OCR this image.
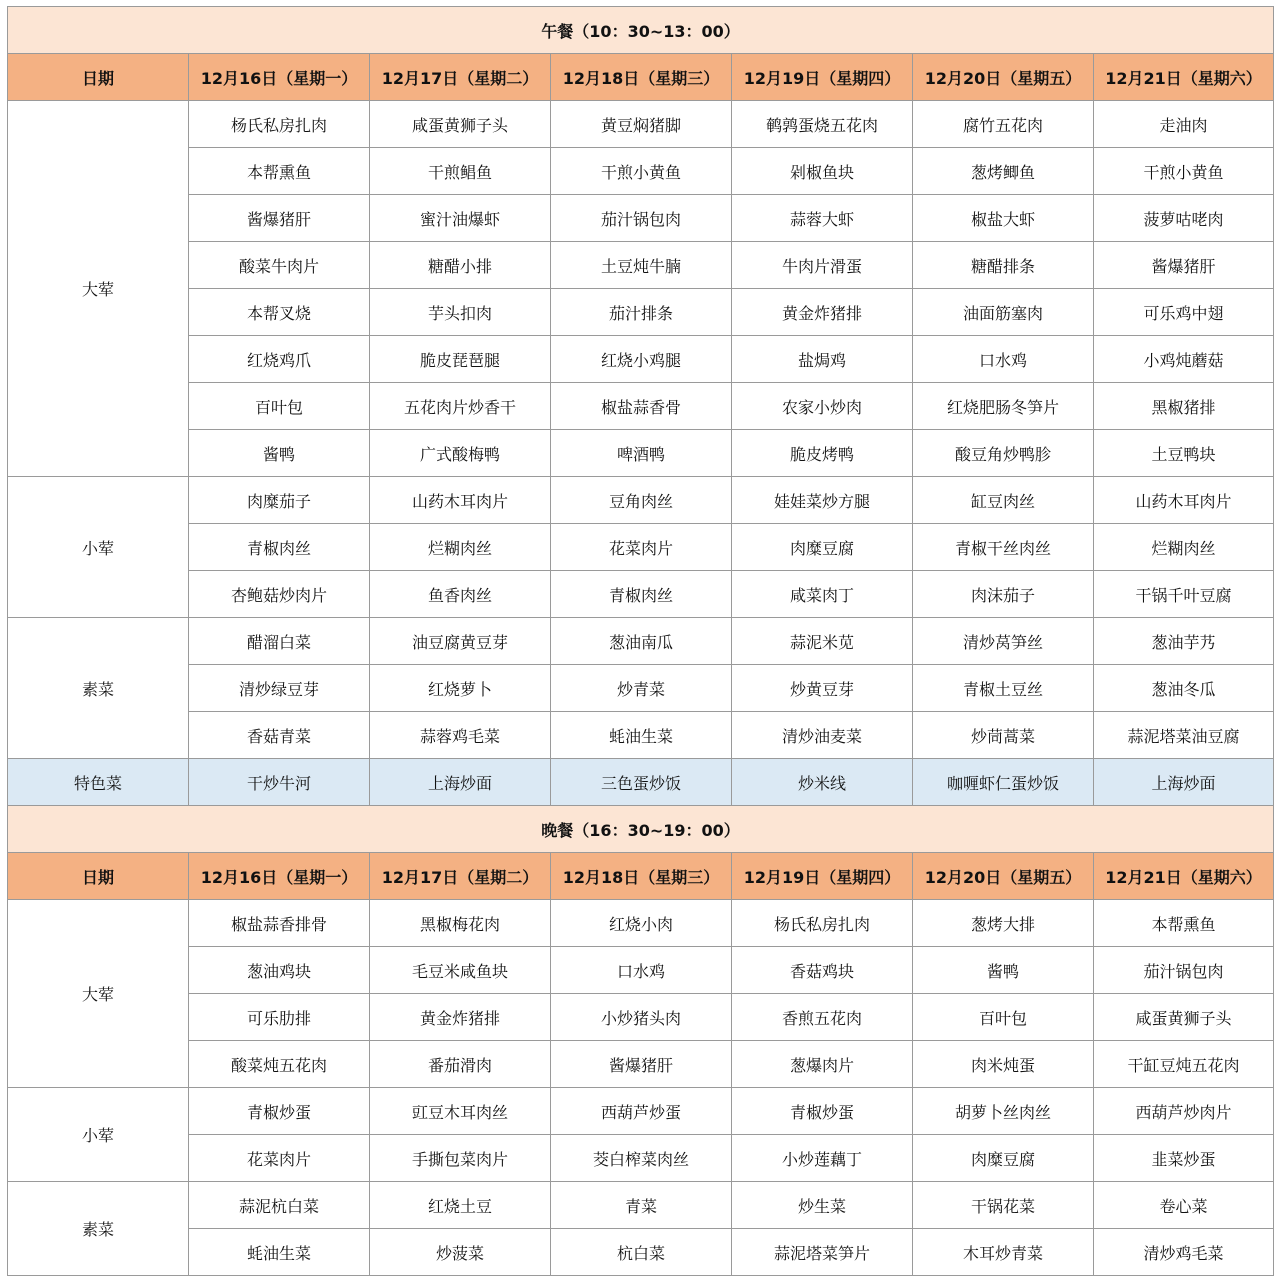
午餐（10：30~13：00）						
日期	12月16日（星期一）	12月17日（星期二）	12月18日（星期三）	12月19日（星期四）	12月20日（星期五）	12月21日（星期六）
大荤	杨氏私房扎肉	咸蛋黄狮子头	黄豆焖猪脚	鹌鹑蛋烧五花肉	腐竹五花肉	走油肉
	本帮熏鱼	干煎鲳鱼	干煎小黄鱼	剁椒鱼块	葱烤鲫鱼	干煎小黄鱼
	酱爆猪肝	蜜汁油爆虾	茄汁锅包肉	蒜蓉大虾	椒盐大虾	菠萝咕咾肉
	酸菜牛肉片	糖醋小排	土豆炖牛腩	牛肉片滑蛋	糖醋排条	酱爆猪肝
	本帮叉烧	芋头扣肉	茄汁排条	黄金炸猪排	油面筋塞肉	可乐鸡中翅
	红烧鸡爪	脆皮琵琶腿	红烧小鸡腿	盐焗鸡	口水鸡	小鸡炖蘑菇
	百叶包	五花肉片炒香干	椒盐蒜香骨	农家小炒肉	红烧肥肠冬笋片	黑椒猪排
	酱鸭	广式酸梅鸭	啤酒鸭	脆皮烤鸭	酸豆角炒鸭胗	土豆鸭块
小荤	肉糜茄子	山药木耳肉片	豆角肉丝	娃娃菜炒方腿	缸豆肉丝	山药木耳肉片
	青椒肉丝	烂糊肉丝	花菜肉片	肉糜豆腐	青椒干丝肉丝	烂糊肉丝
	杏鲍菇炒肉片	鱼香肉丝	青椒肉丝	咸菜肉丁	肉沫茄子	干锅千叶豆腐
素菜	醋溜白菜	油豆腐黄豆芽	葱油南瓜	蒜泥米苋	清炒莴笋丝	葱油芋艿
	清炒绿豆芽	红烧萝卜	炒青菜	炒黄豆芽	青椒土豆丝	葱油冬瓜
	香菇青菜	蒜蓉鸡毛菜	蚝油生菜	清炒油麦菜	炒茼蒿菜	蒜泥塔菜油豆腐
特色菜	干炒牛河	上海炒面	三色蛋炒饭	炒米线	咖喱虾仁蛋炒饭	上海炒面
晚餐（16：30~19：00）						
日期	12月16日（星期一）	12月17日（星期二）	12月18日（星期三）	12月19日（星期四）	12月20日（星期五）	12月21日（星期六）
大荤	椒盐蒜香排骨	黑椒梅花肉	红烧小肉	杨氏私房扎肉	葱烤大排	本帮熏鱼
	葱油鸡块	毛豆米咸鱼块	口水鸡	香菇鸡块	酱鸭	茄汁锅包肉
	可乐肋排	黄金炸猪排	小炒猪头肉	香煎五花肉	百叶包	咸蛋黄狮子头
	酸菜炖五花肉	番茄滑肉	酱爆猪肝	葱爆肉片	肉米炖蛋	干缸豆炖五花肉
小荤	青椒炒蛋	豇豆木耳肉丝	西葫芦炒蛋	青椒炒蛋	胡萝卜丝肉丝	西葫芦炒肉片
	花菜肉片	手撕包菜肉片	茭白榨菜肉丝	小炒莲藕丁	肉糜豆腐	韭菜炒蛋
素菜	蒜泥杭白菜	红烧土豆	青菜	炒生菜	干锅花菜	卷心菜
	蚝油生菜	炒菠菜	杭白菜	蒜泥塔菜笋片	木耳炒青菜	清炒鸡毛菜
